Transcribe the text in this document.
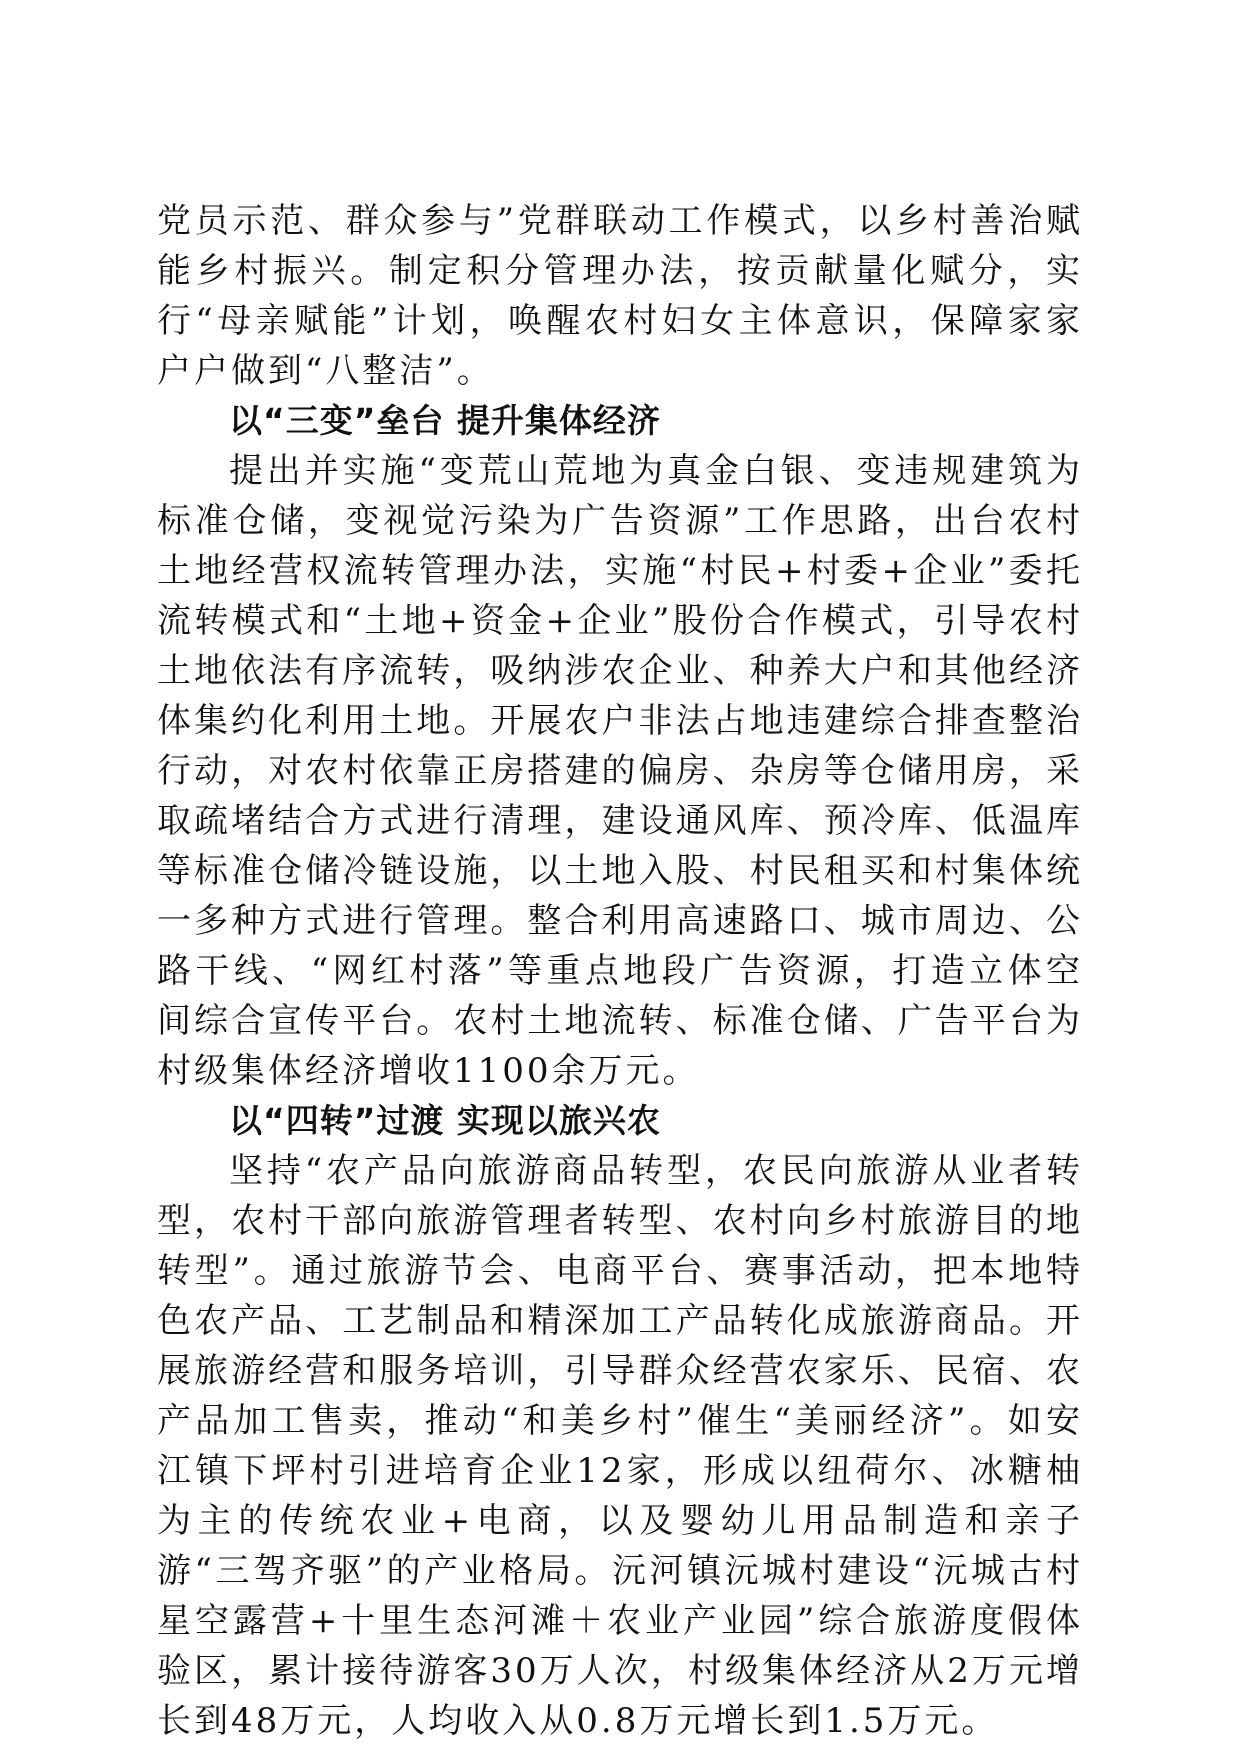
党员示范、群众参与”党群联动工作模式，以乡村善治赋能乡村振兴。制定积分管理办法，按贡献量化赋分，实行“母亲赋能”计划，唤醒农村妇女主体意识，保障家家户户做到“八整洁”。

以“三变”垒台 提升集体经济

提出并实施“变荒山荒地为真金白银、变违规建筑为标准仓储，变视觉污染为广告资源”工作思路，出台农村土地经营权流转管理办法，实施“村民+村委+企业”委托流转模式和“土地+资金+企业”股份合作模式，引导农村土地依法有序流转，吸纳涉农企业、种养大户和其他经济体集约化利用土地。开展农户非法占地违建综合排查整治行动，对农村依靠正房搭建的偏房、杂房等仓储用房，采取疏堵结合方式进行清理，建设通风库、预冷库、低温库等标准仓储冷链设施，以土地入股、村民租买和村集体统一多种方式进行管理。整合利用高速路口、城市周边、公路干线、“网红村落”等重点地段广告资源，打造立体空间综合宣传平台。农村土地流转、标准仓储、广告平台为村级集体经济增收1100余万元。

以“四转”过渡 实现以旅兴农

坚持“农产品向旅游商品转型，农民向旅游从业者转型，农村干部向旅游管理者转型、农村向乡村旅游目的地转型”。通过旅游节会、电商平台、赛事活动，把本地特色农产品、工艺制品和精深加工产品转化成旅游商品。开展旅游经营和服务培训，引导群众经营农家乐、民宿、农产品加工售卖，推动“和美乡村”催生“美丽经济”。如安江镇下坪村引进培育企业12家，形成以纽荷尔、冰糖柚为主的传统农业+电商，以及婴幼儿用品制造和亲子游“三驾齐驱”的产业格局。沅河镇沅城村建设“沅城古村星空露营+十里生态河滩＋农业产业园”综合旅游度假体验区，累计接待游客30万人次，村级集体经济从2万元增长到48万元，人均收入从0.8万元增长到1.5万元。
